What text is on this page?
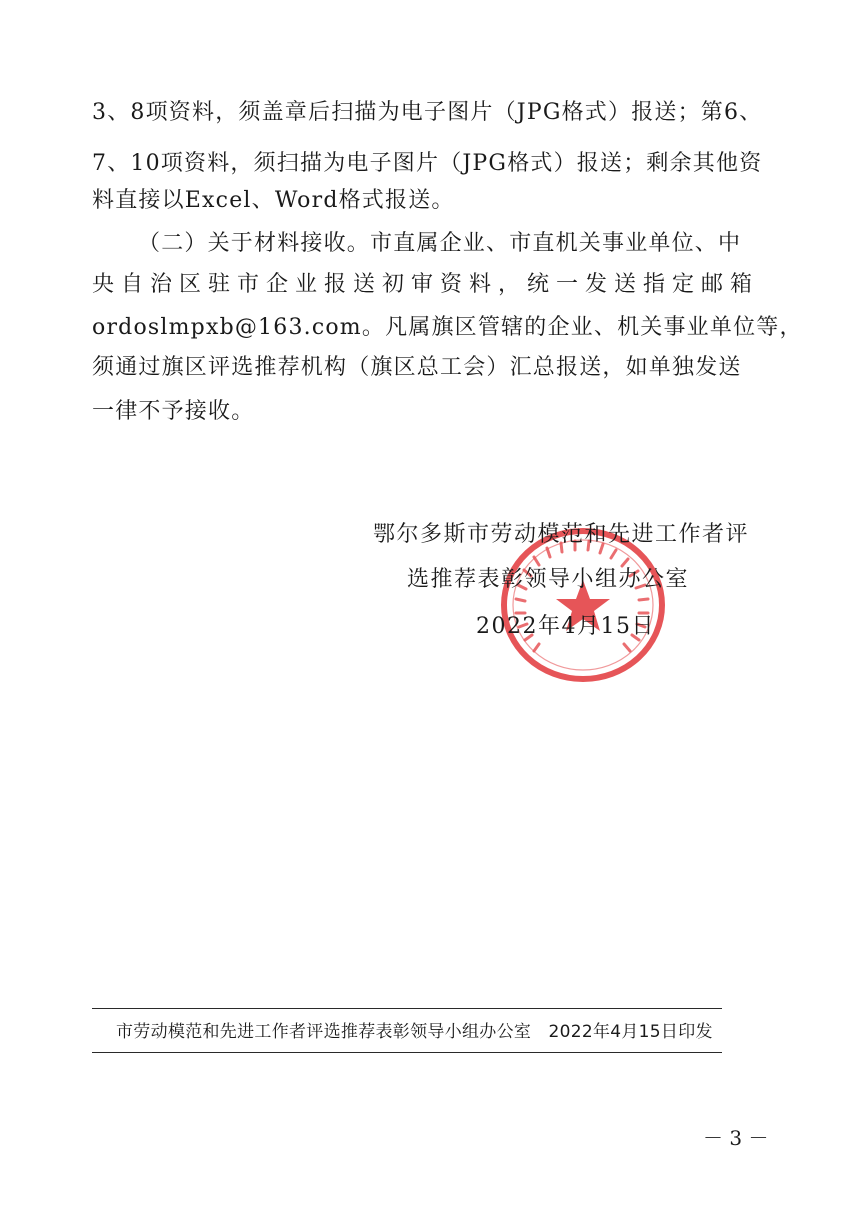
3、8项资料，须盖章后扫描为电子图片（JPG格式）报送；第6、
7、10项资料，须扫描为电子图片（JPG格式）报送；剩余其他资
料直接以Excel、Word格式报送。
（二）关于材料接收。市直属企业、市直机关事业单位、中
央自治区驻市企业报送初审资料，统一发送指定邮箱
ordoslmpxb@163.com。凡属旗区管辖的企业、机关事业单位等，
须通过旗区评选推荐机构（旗区总工会）汇总报送，如单独发送
一律不予接收。
鄂尔多斯市劳动模范和先进工作者评
选推荐表彰领导小组办公室
2022年4月15日
市劳动模范和先进工作者评选推荐表彰领导小组办公室　2022年4月15日印发
－ 3 －
